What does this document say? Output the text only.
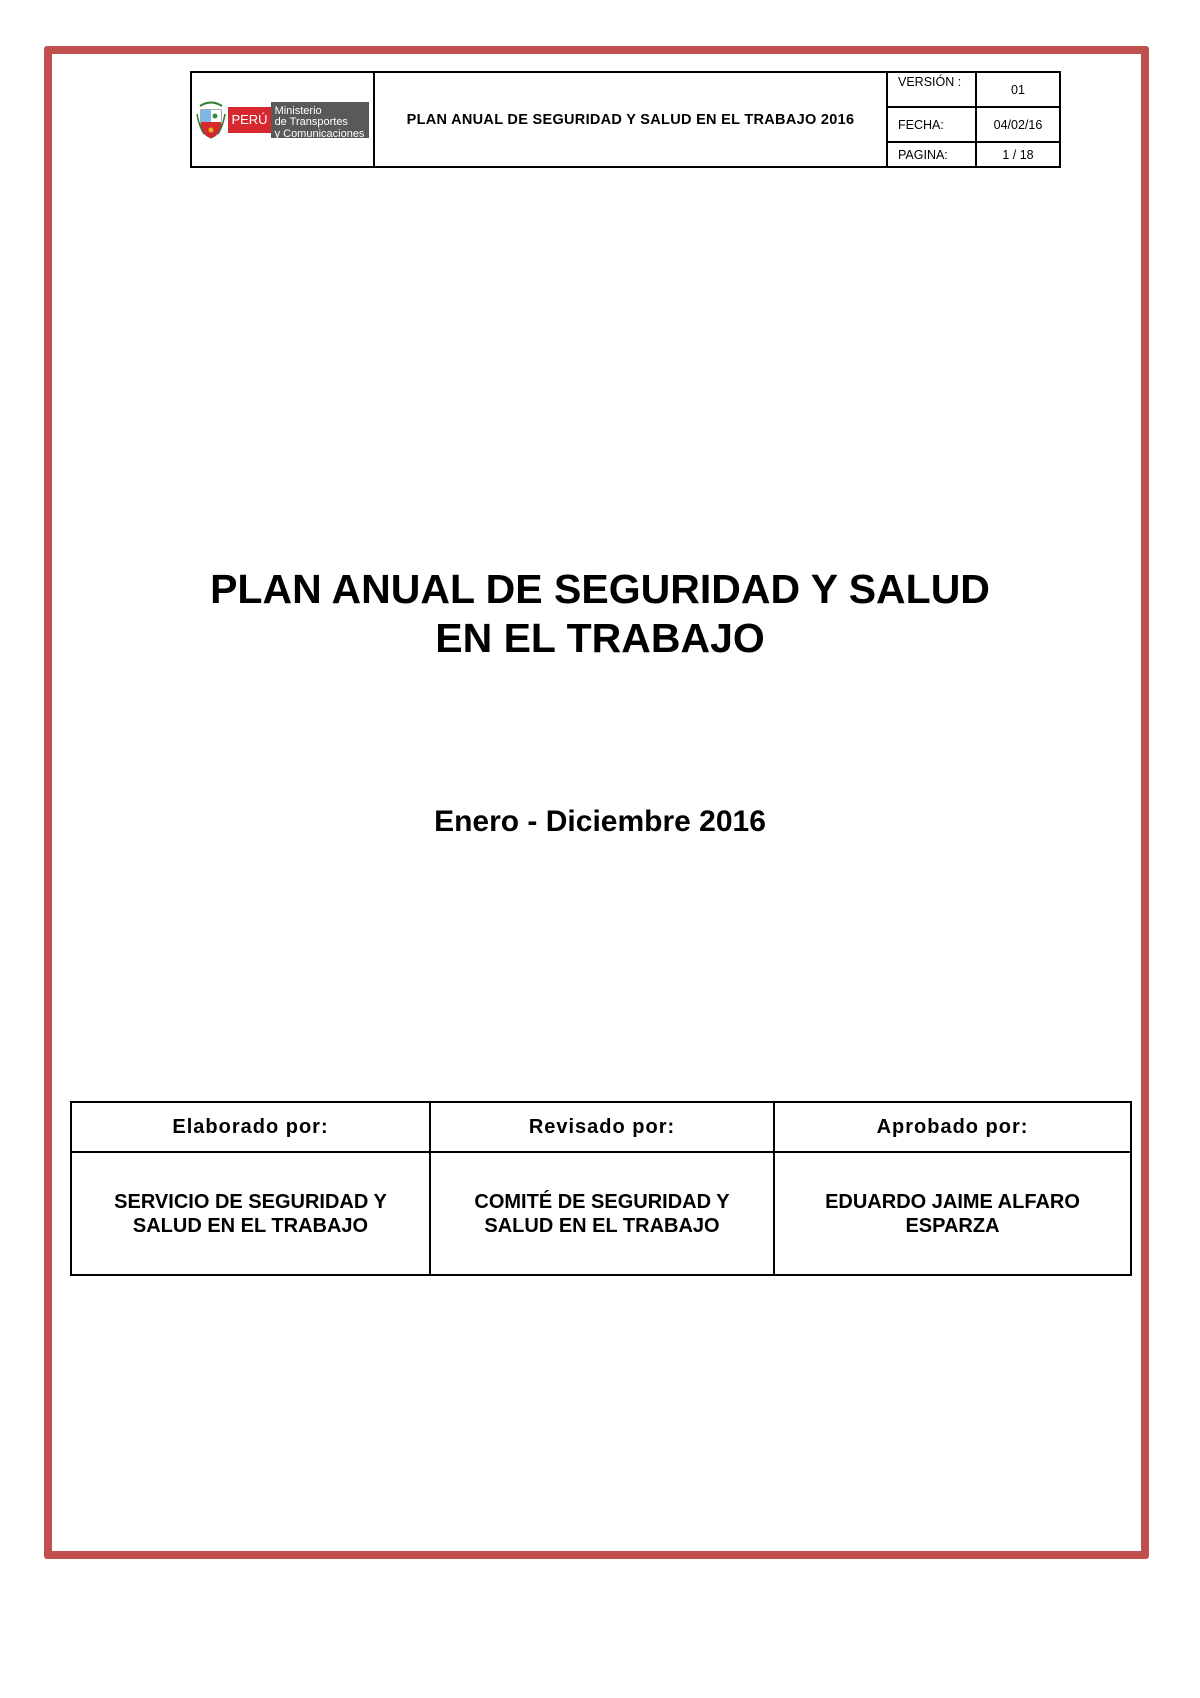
PERÚ
Ministerio
de Transportes
y Comunicaciones
PLAN ANUAL DE SEGURIDAD Y SALUD EN EL TRABAJO 2016
VERSIÓN :
01
FECHA:	04/02/16
PAGINA:	1 / 18
PLAN ANUAL DE SEGURIDAD Y SALUD
EN EL TRABAJO
Enero - Diciembre 2016
Elaborado por:
SERVICIO DE SEGURIDAD Y SALUD EN EL TRABAJO
Revisado por:
COMITÉ DE SEGURIDAD Y SALUD EN EL TRABAJO
Aprobado por:
EDUARDO JAIME ALFARO ESPARZA
